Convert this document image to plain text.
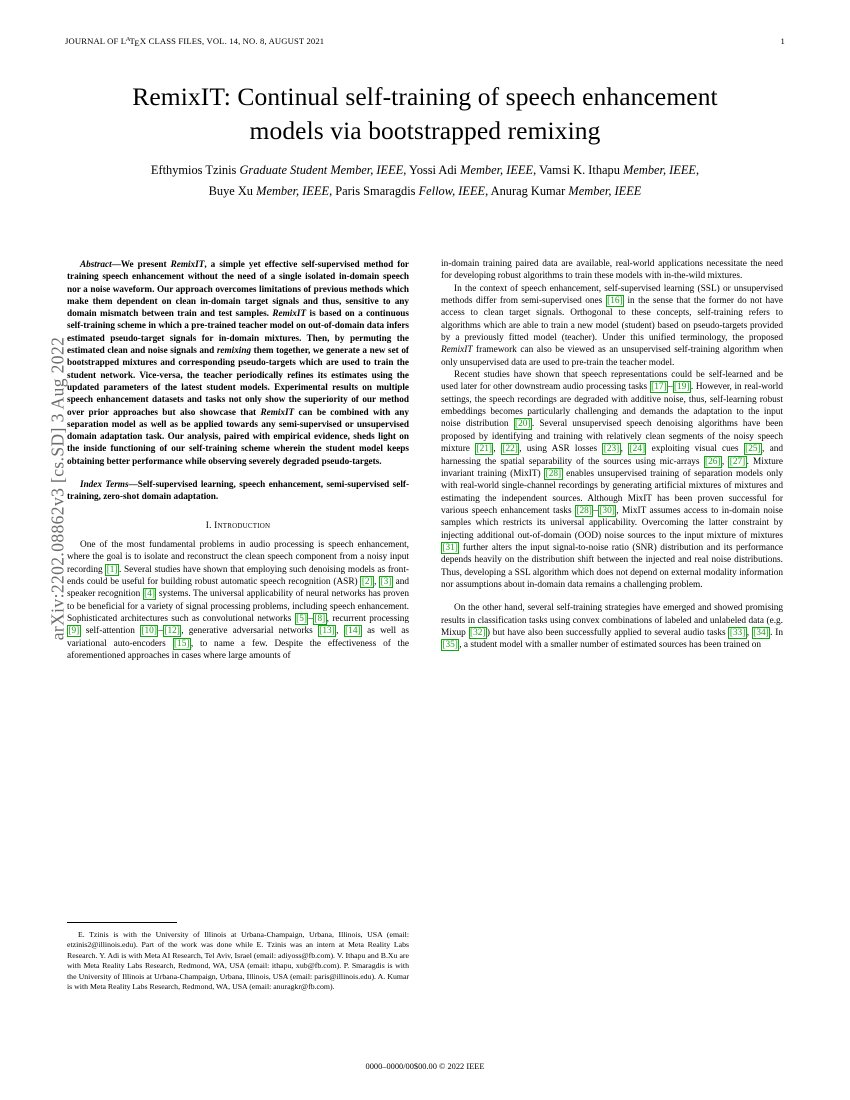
arXiv:2202.08862v3 [cs.SD] 3 Aug 2022
JOURNAL OF $L^ATEX$ CLASS FILES, VOL. 14, NO. 8, AUGUST 2021	1
RemixIT: Continual self-training of speech enhancement models via bootstrapped remixing
Efthymios Tzinis Graduate Student Member, IEEE, Yossi Adi Member, IEEE, Vamsi K. Ithapu Member, IEEE,
Buye Xu Member, IEEE, Paris Smaragdis Fellow, IEEE, Anurag Kumar Member, IEEE
Abstract—We present RemixIT, a simple yet effective self-supervised method for training speech enhancement without the need of a single isolated in-domain speech nor a noise waveform. Our approach overcomes limitations of previous methods which make them dependent on clean in-domain target signals and thus, sensitive to any domain mismatch between train and test samples. RemixIT is based on a continuous self-training scheme in which a pre-trained teacher model on out-of-domain data infers estimated pseudo-target signals for in-domain mixtures. Then, by permuting the estimated clean and noise signals and remixing them together, we generate a new set of bootstrapped mixtures and corresponding pseudo-targets which are used to train the student network. Vice-versa, the teacher periodically refines its estimates using the updated parameters of the latest student models. Experimental results on multiple speech enhancement datasets and tasks not only show the superiority of our method over prior approaches but also showcase that RemixIT can be combined with any separation model as well as be applied towards any semi-supervised or unsupervised domain adaptation task. Our analysis, paired with empirical evidence, sheds light on the inside functioning of our self-training scheme wherein the student model keeps obtaining better performance while observing severely degraded pseudo-targets.
Index Terms—Self-supervised learning, speech enhancement, semi-supervised self-training, zero-shot domain adaptation.
I. Introduction

One of the most fundamental problems in audio processing is speech enhancement, where the goal is to isolate and reconstruct the clean speech component from a noisy input recording [1]. Several studies have shown that employing such denoising models as front-ends could be useful for building robust automatic speech recognition (ASR) [2], [3] and speaker recognition [4] systems. The universal applicability of neural networks has proven to be beneficial for a variety of signal processing problems, including speech enhancement. Sophisticated architectures such as convolutional networks [5]–[8], recurrent processing [9] self-attention [10]–[12], generative adversarial networks [13], [14] as well as variational auto-encoders [15], to name a few. Despite the effectiveness of the aforementioned approaches in cases where large amounts of

in-domain training paired data are available, real-world applications necessitate the need for developing robust algorithms to train these models with in-the-wild mixtures.

In the context of speech enhancement, self-supervised learning (SSL) or unsupervised methods differ from semi-supervised ones [16] in the sense that the former do not have access to clean target signals. Orthogonal to these concepts, self-training refers to algorithms which are able to train a new model (student) based on pseudo-targets provided by a previously fitted model (teacher). Under this unified terminology, the proposed RemixIT framework can also be viewed as an unsupervised self-training algorithm when only unsupervised data are used to pre-train the teacher model.

Recent studies have shown that speech representations could be self-learned and be used later for other downstream audio processing tasks [17]–[19]. However, in real-world settings, the speech recordings are degraded with additive noise, thus, self-learning robust embeddings becomes particularly challenging and demands the adaptation to the input noise distribution [20]. Several unsupervised speech denoising algorithms have been proposed by identifying and training with relatively clean segments of the noisy speech mixture [21], [22], using ASR losses [23], [24] exploiting visual cues [25], and harnessing the spatial separability of the sources using mic-arrays [26], [27]. Mixture invariant training (MixIT) [28] enables unsupervised training of separation models only with real-world single-channel recordings by generating artificial mixtures of mixtures and estimating the independent sources. Although MixIT has been proven successful for various speech enhancement tasks [28]–[30], MixIT assumes access to in-domain noise samples which restricts its universal applicability. Overcoming the latter constraint by injecting additional out-of-domain (OOD) noise sources to the input mixture of mixtures [31] further alters the input signal-to-noise ratio (SNR) distribution and its performance depends heavily on the distribution shift between the injected and real noise distributions. Thus, developing a SSL algorithm which does not depend on external modality information nor assumptions about in-domain data remains a challenging problem.

On the other hand, several self-training strategies have emerged and showed promising results in classification tasks using convex combinations of labeled and unlabeled data (e.g. Mixup [32]) but have also been successfully applied to several audio tasks [33], [34]. In [35], a student model with a smaller number of estimated sources has been trained on

E. Tzinis is with the University of Illinois at Urbana-Champaign, Urbana, Illinois, USA (email: etzinis2@illinois.edu). Part of the work was done while E. Tzinis was an intern at Meta Reality Labs Research. Y. Adi is with Meta AI Research, Tel Aviv, Israel (email: adiyoss@fb.com). V. Ithapu and B.Xu are with Meta Reality Labs Research, Redmond, WA, USA (email: ithapu, xub@fb.com). P. Smaragdis is with the University of Illinois at Urbana-Champaign, Urbana, Illinois, USA (email: paris@illinois.edu). A. Kumar is with Meta Reality Labs Research, Redmond, WA, USA (email: anuragkr@fb.com).
0000–0000/00$00.00 © 2022 IEEE
